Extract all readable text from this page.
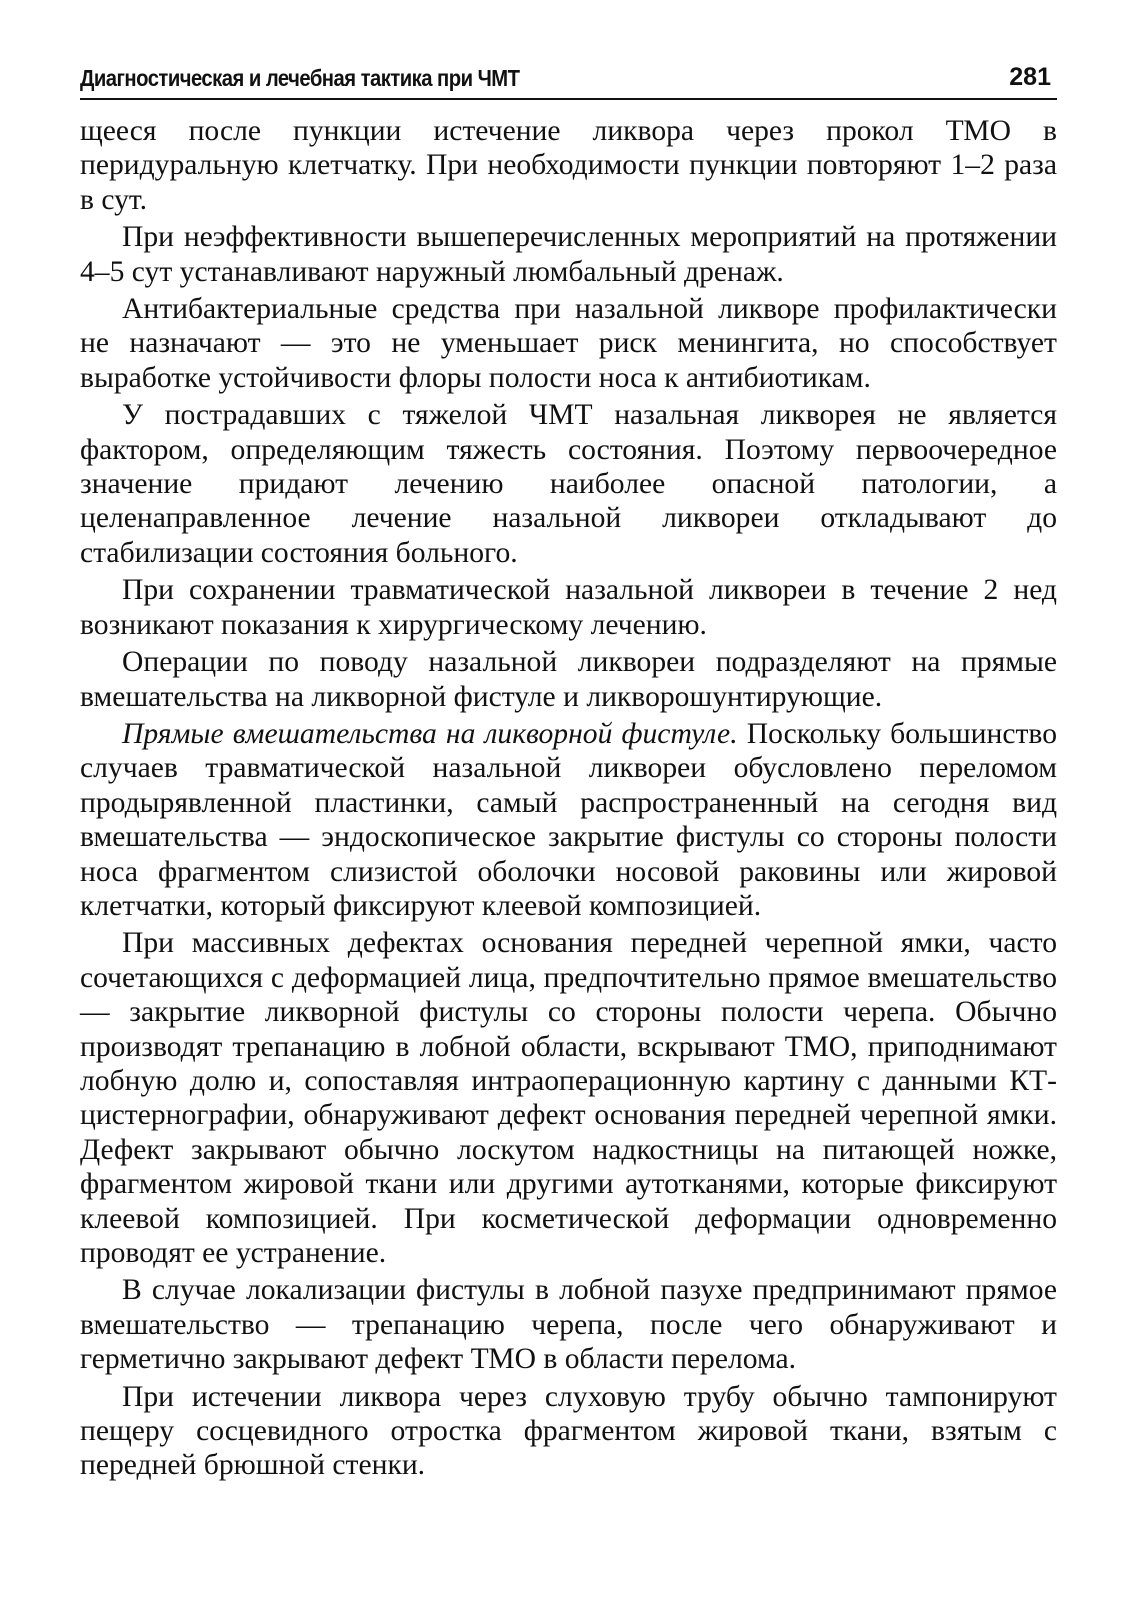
Диагностическая и лечебная тактика при ЧМТ	281

щееся после пункции истечение ликвора через прокол ТМО в перидуральную клетчатку. При необходимости пункции повторяют 1–2 раза в сут.

При неэффективности вышеперечисленных мероприятий на протяжении 4–5 сут устанавливают наружный люмбальный дренаж.

Антибактериальные средства при назальной ликворе профилактически не назначают — это не уменьшает риск менингита, но способствует выработке устойчивости флоры полости носа к антибиотикам.

У пострадавших с тяжелой ЧМТ назальная ликворея не является фактором, определяющим тяжесть состояния. Поэтому первоочередное значение придают лечению наиболее опасной патологии, а целенаправленное лечение назальной ликвореи откладывают до стабилизации состояния больного.

При сохранении травматической назальной ликвореи в течение 2 нед возникают показания к хирургическому лечению.

Операции по поводу назальной ликвореи подразделяют на прямые вмешательства на ликворной фистуле и ликворошунтирующие.

Прямые вмешательства на ликворной фистуле. Поскольку большинство случаев травматической назальной ликвореи обусловлено переломом продырявленной пластинки, самый распространенный на сегодня вид вмешательства — эндоскопическое закрытие фистулы со стороны полости носа фрагментом слизистой оболочки носовой раковины или жировой клетчатки, который фиксируют клеевой композицией.

При массивных дефектах основания передней черепной ямки, часто сочетающихся с деформацией лица, предпочтительно прямое вмешательство — закрытие ликворной фистулы со стороны полости черепа. Обычно производят трепанацию в лобной области, вскрывают ТМО, приподнимают лобную долю и, сопоставляя интраоперационную картину с данными КТ-цистернографии, обнаруживают дефект основания передней черепной ямки. Дефект закрывают обычно лоскутом надкостницы на питающей ножке, фрагментом жировой ткани или другими аутотканями, которые фиксируют клеевой композицией. При косметической деформации одновременно проводят ее устранение.

В случае локализации фистулы в лобной пазухе предпринимают прямое вмешательство — трепанацию черепа, после чего обнаруживают и герметично закрывают дефект ТМО в области перелома.

При истечении ликвора через слуховую трубу обычно тампонируют пещеру сосцевидного отростка фрагментом жировой ткани, взятым с передней брюшной стенки.
